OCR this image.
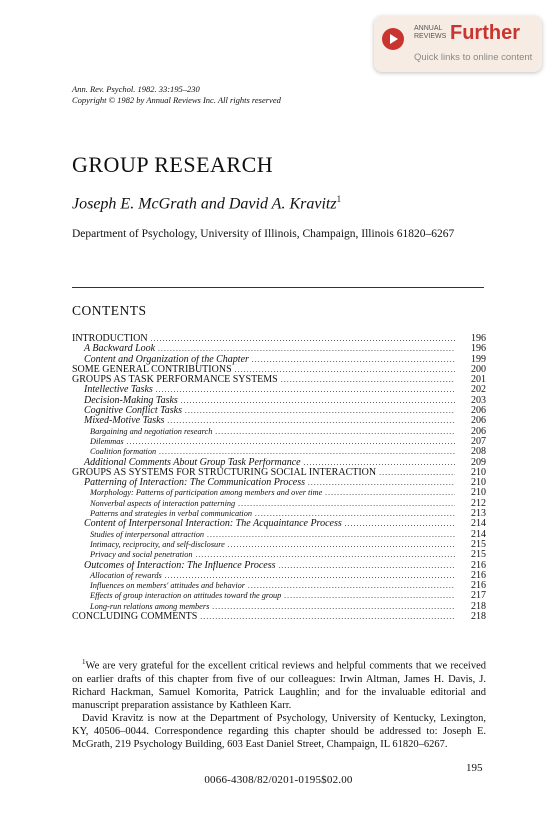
ANNUAL REVIEWS Further
Quick links to online content
Ann. Rev. Psychol. 1982. 33:195–230
Copyright © 1982 by Annual Reviews Inc. All rights reserved
GROUP RESEARCH
Joseph E. McGrath and David A. Kravitz$^1$
Department of Psychology, University of Illinois, Champaign, Illinois 61820–6267
CONTENTS
INTRODUCTION .....	196
A Backward Look .....	196
Content and Organization of the Chapter .....	199
SOME GENERAL CONTRIBUTIONS .....	200
GROUPS AS TASK PERFORMANCE SYSTEMS .....	201
Intellective Tasks .....	202
Decision-Making Tasks .....	203
Cognitive Conflict Tasks .....	206
Mixed-Motive Tasks .....	206
Bargaining and negotiation research .....	206
Dilemmas .....	207
Coalition formation .....	208
Additional Comments About Group Task Performance .....	209
GROUPS AS SYSTEMS FOR STRUCTURING SOCIAL INTERACTION .....	210
Patterning of Interaction: The Communication Process .....	210
Morphology: Patterns of participation among members and over time .....	210
Nonverbal aspects of interaction patterning .....	212
Patterns and strategies in verbal communication .....	213
Content of Interpersonal Interaction: The Acquaintance Process .....	214
Studies of interpersonal attraction .....	214
Intimacy, reciprocity, and self-disclosure .....	215
Privacy and social penetration .....	215
Outcomes of Interaction: The Influence Process .....	216
Allocation of rewards .....	216
Influences on members' attitudes and behavior .....	216
Effects of group interaction on attitudes toward the group .....	217
Long-run relations among members .....	218
CONCLUDING COMMENTS .....	218

$^1$We are very grateful for the excellent critical reviews and helpful comments that we received on earlier drafts of this chapter from five of our colleagues: Irwin Altman, James H. Davis, J. Richard Hackman, Samuel Komorita, Patrick Laughlin; and for the invaluable editorial and manuscript preparation assistance by Kathleen Karr.

David Kravitz is now at the Department of Psychology, University of Kentucky, Lexington, KY, 40506–0044. Correspondence regarding this chapter should be addressed to: Joseph E. McGrath, 219 Psychology Building, 603 East Daniel Street, Champaign, IL 61820–6267.

195
0066-4308/82/0201-0195$02.00
